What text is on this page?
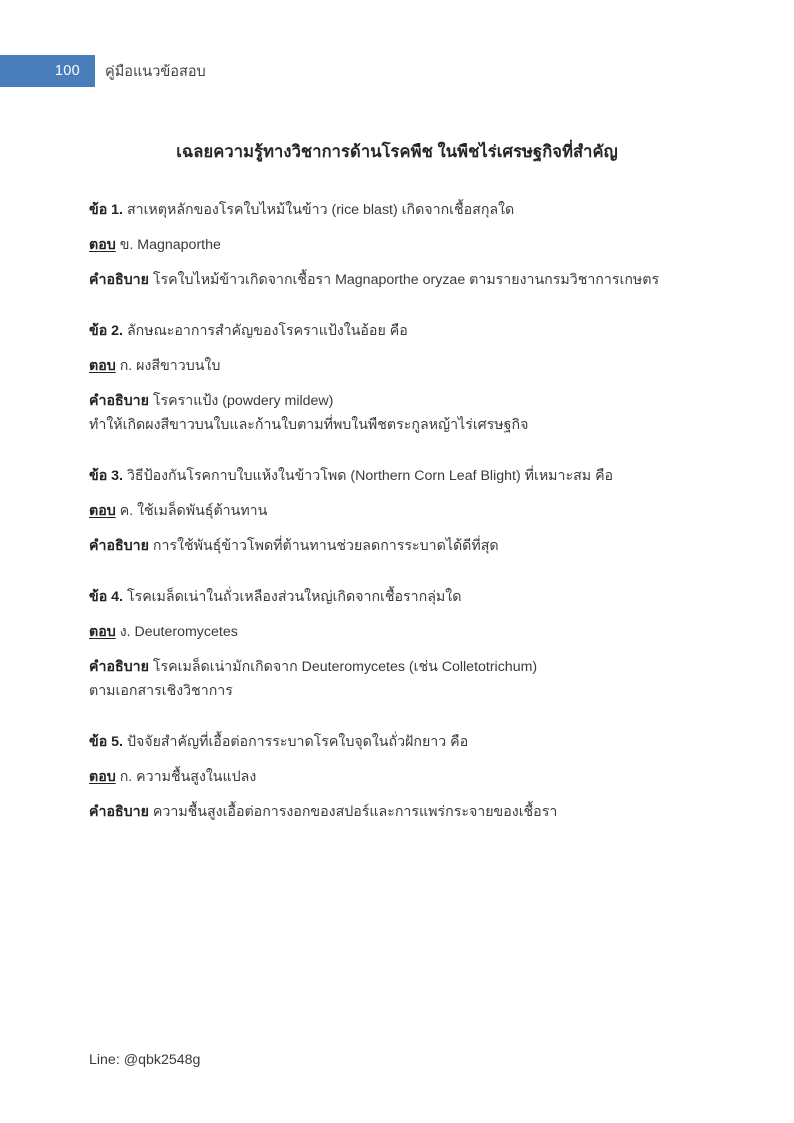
100 คู่มือแนวข้อสอบ
เฉลยความรู้ทางวิชาการด้านโรคพืช ในพืชไร่เศรษฐกิจที่สำคัญ

ข้อ 1. สาเหตุหลักของโรคใบไหม้ในข้าว (rice blast) เกิดจากเชื้อสกุลใด

ตอบ ข. Magnaporthe

คำอธิบาย โรคใบไหม้ข้าวเกิดจากเชื้อรา Magnaporthe oryzae ตามรายงานกรมวิชาการเกษตร

ข้อ 2. ลักษณะอาการสำคัญของโรคราแป้งในอ้อย คือ

ตอบ ก. ผงสีขาวบนใบ

คำอธิบาย โรคราแป้ง (powdery mildew)

ทำให้เกิดผงสีขาวบนใบและก้านใบตามที่พบในพืชตระกูลหญ้าไร่เศรษฐกิจ

ข้อ 3. วิธีป้องกันโรคกาบใบแห้งในข้าวโพด (Northern Corn Leaf Blight) ที่เหมาะสม คือ

ตอบ ค. ใช้เมล็ดพันธุ์ต้านทาน

คำอธิบาย การใช้พันธุ์ข้าวโพดที่ต้านทานช่วยลดการระบาดได้ดีที่สุด

ข้อ 4. โรคเมล็ดเน่าในถั่วเหลืองส่วนใหญ่เกิดจากเชื้อรากลุ่มใด

ตอบ ง. Deuteromycetes

คำอธิบาย โรคเมล็ดเน่ามักเกิดจาก Deuteromycetes (เช่น Colletotrichum)

ตามเอกสารเชิงวิชาการ

ข้อ 5. ปัจจัยสำคัญที่เอื้อต่อการระบาดโรคใบจุดในถั่วฝักยาว คือ

ตอบ ก. ความชื้นสูงในแปลง

คำอธิบาย ความชื้นสูงเอื้อต่อการงอกของสปอร์และการแพร่กระจายของเชื้อรา

Line: @qbk2548g
